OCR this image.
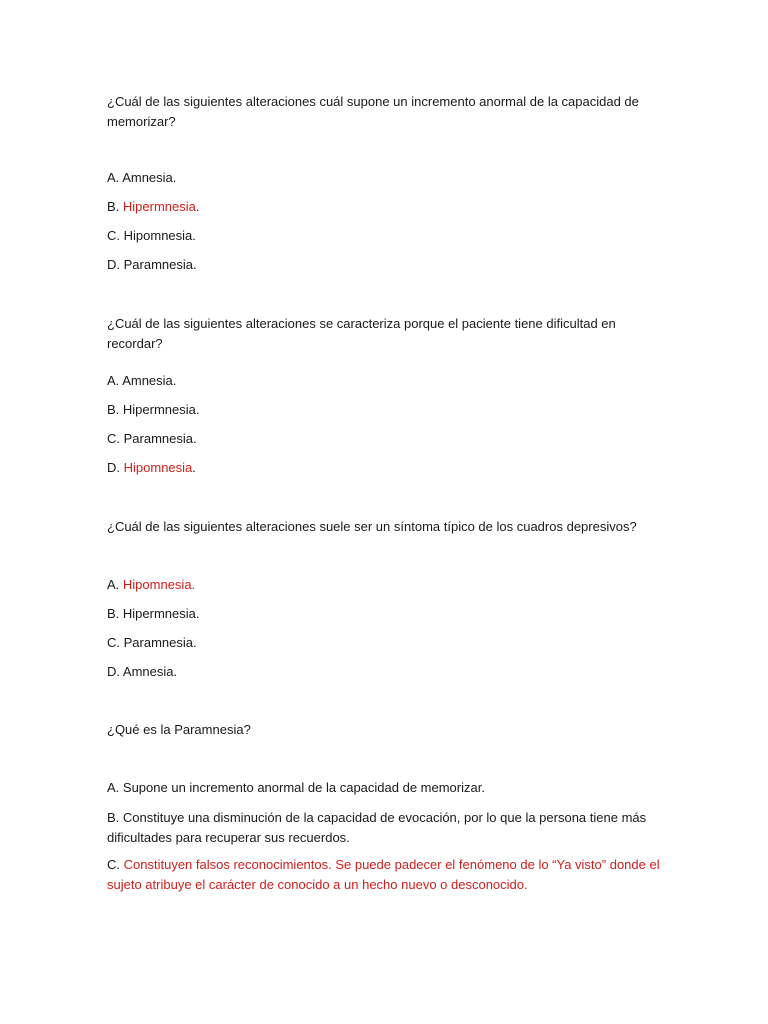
¿Cuál de las siguientes alteraciones cuál supone un incremento anormal de la capacidad de memorizar?
A. Amnesia.
B. Hipermnesia.
C. Hipomnesia.
D. Paramnesia.
¿Cuál de las siguientes alteraciones se caracteriza porque el paciente tiene dificultad en recordar?
A. Amnesia.
B. Hipermnesia.
C. Paramnesia.
D. Hipomnesia.
¿Cuál de las siguientes alteraciones suele ser un síntoma típico de los cuadros depresivos?
A. Hipomnesia.
B. Hipermnesia.
C. Paramnesia.
D. Amnesia.
¿Qué es la Paramnesia?
A. Supone un incremento anormal de la capacidad de memorizar.
B. Constituye una disminución de la capacidad de evocación, por lo que la persona tiene más dificultades para recuperar sus recuerdos.
C. Constituyen falsos reconocimientos. Se puede padecer el fenómeno de lo “Ya visto” donde el sujeto atribuye el carácter de conocido a un hecho nuevo o desconocido.
